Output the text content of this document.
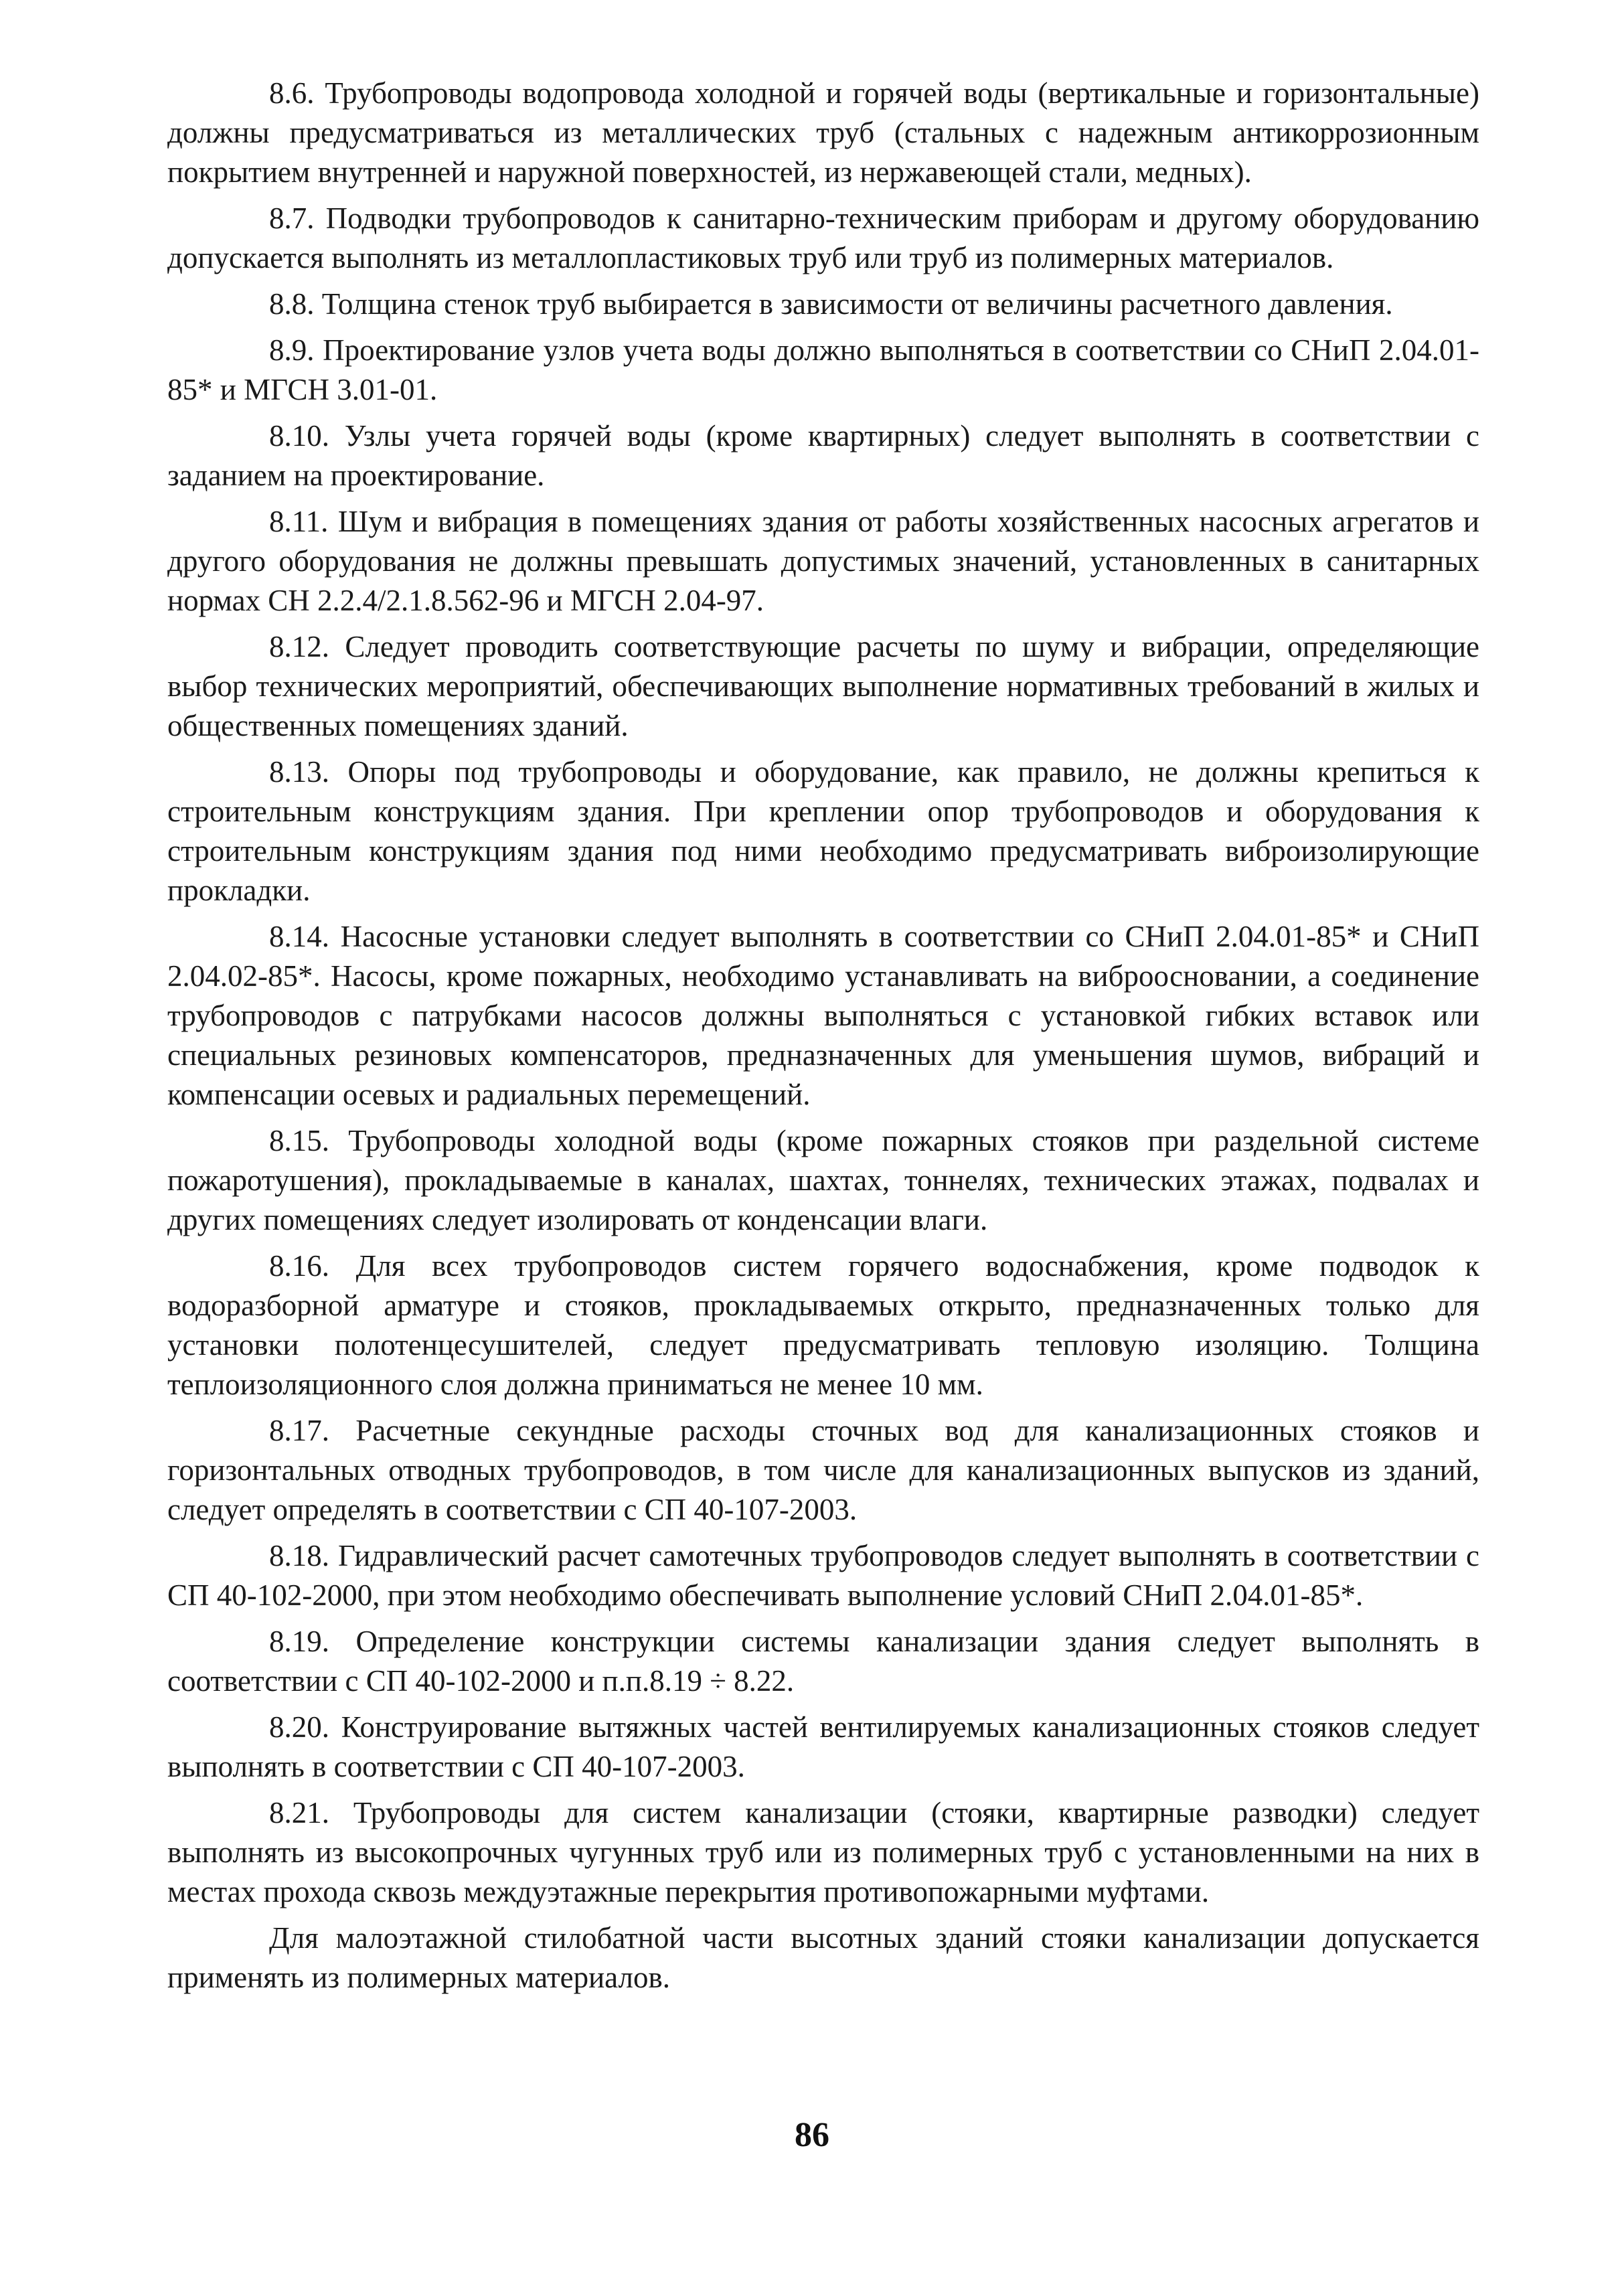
8.6. Трубопроводы водопровода холодной и горячей воды (вертикальные и горизонтальные) должны предусматриваться из металлических труб (стальных с надежным антикоррозионным покрытием внутренней и наружной поверхностей, из нержавеющей стали, медных).

8.7. Подводки трубопроводов к санитарно-техническим приборам и другому оборудованию допускается выполнять из металлопластиковых труб или труб из полимерных материалов.

8.8. Толщина стенок труб выбирается в зависимости от величины расчетного давления.

8.9. Проектирование узлов учета воды должно выполняться в соответствии со СНиП 2.04.01-85* и МГСН 3.01-01.

8.10. Узлы учета горячей воды (кроме квартирных) следует выполнять в соответствии с заданием на проектирование.

8.11. Шум и вибрация в помещениях здания от работы хозяйственных насосных агрегатов и другого оборудования не должны превышать допустимых значений, установленных в санитарных нормах СН 2.2.4/2.1.8.562-96 и МГСН 2.04-97.

8.12. Следует проводить соответствующие расчеты по шуму и вибрации, определяющие выбор технических мероприятий, обеспечивающих выполнение нормативных требований в жилых и общественных помещениях зданий.

8.13. Опоры под трубопроводы и оборудование, как правило, не должны крепиться к строительным конструкциям здания. При креплении опор трубопроводов и оборудования к строительным конструкциям здания под ними необходимо предусматривать виброизолирующие прокладки.

8.14. Насосные установки следует выполнять в соответствии со СНиП 2.04.01-85* и СНиП 2.04.02-85*. Насосы, кроме пожарных, необходимо устанавливать на виброосновании, а соединение трубопроводов с патрубками насосов должны выполняться с установкой гибких вставок или специальных резиновых компенсаторов, предназначенных для уменьшения шумов, вибраций и компенсации осевых и радиальных перемещений.

8.15. Трубопроводы холодной воды (кроме пожарных стояков при раздельной системе пожаротушения), прокладываемые в каналах, шахтах, тоннелях, технических этажах, подвалах и других помещениях следует изолировать от конденсации влаги.

8.16. Для всех трубопроводов систем горячего водоснабжения, кроме подводок к водоразборной арматуре и стояков, прокладываемых открыто, предназначенных только для установки полотенцесушителей, следует предусматривать тепловую изоляцию. Толщина теплоизоляционного слоя должна приниматься не менее 10 мм.

8.17. Расчетные секундные расходы сточных вод для канализационных стояков и горизонтальных отводных трубопроводов, в том числе для канализационных выпусков из зданий, следует определять в соответствии с СП 40-107-2003.

8.18. Гидравлический расчет самотечных трубопроводов следует выполнять в соответствии с СП 40-102-2000, при этом необходимо обеспечивать выполнение условий СНиП 2.04.01-85*.

8.19. Определение конструкции системы канализации здания следует выполнять в соответствии с СП 40-102-2000 и п.п.8.19 ÷ 8.22.

8.20. Конструирование вытяжных частей вентилируемых канализационных стояков следует выполнять в соответствии с СП 40-107-2003.

8.21. Трубопроводы для систем канализации (стояки, квартирные разводки) следует выполнять из высокопрочных чугунных труб или из полимерных труб с установленными на них в местах прохода сквозь междуэтажные перекрытия противопожарными муфтами.

Для малоэтажной стилобатной части высотных зданий стояки канализации допускается применять из полимерных материалов.

86
